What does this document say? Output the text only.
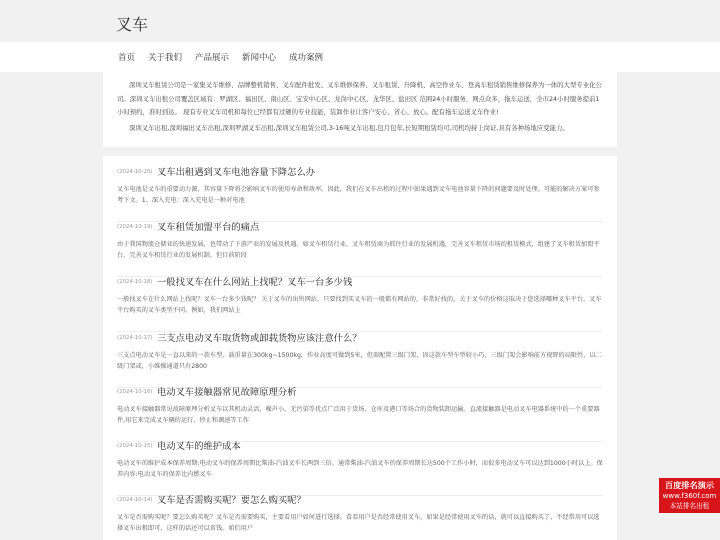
叉车
首页 关于我们 产品展示 新闻中心 成功案例

深圳叉车租赁公司是一家集叉车维修、品牌整机销售、叉车配件批发、叉车维修保养、叉车租赁、升降机、高空作业车、登高车租赁销售维修保养为一体的大型专业化公司。深圳叉车出租公司覆盖区域有：罗湖区、福田区、南山区、宝安中心区、龙岗中心区、龙华区、盐田区 范围24小时服务，网点众多，拖车运送，全市24小时服务提前1小时预约，准时到达。 现有专业叉车司机和每位已经都有过硬的专业技能，装卸作业让客户安心、省心、放心。配有拖车运送叉车作业!

深圳叉车出租,深圳福田叉车出租,深圳罗湖叉车出租,深圳叉车租赁公司,3-16吨叉车出租,包月包年,长短期租赁均可,司机均持上岗证,具有各种场地应变能力。

(2024-10-20) 叉车出租遇到叉车电池容量下降怎么办
叉车电池是叉车的重要动力源，其容量下降将会影响叉车的使用寿命和效率。因此，我们在叉车出租的过程中如果遇到叉车电池容量下降的问题要及时处理。可能的解决方案可参考下文。1、深入充电：深入充电是一种对电池
(2024-10-19) 叉车租赁加盟平台的痛点
由于我国物流仓储业的快速发展，也带动了下游产业的发展及机遇。如叉车租赁行业，叉车租赁商为抓住行业的发展机遇，完善叉车租赁市场的租赁模式，组建了叉车租赁加盟平台，完善叉车租赁行业的发展机制。但目前阶段
(2024-10-18) 一般找叉车在什么网站上找呢？叉车一台多少钱
一般找叉车在什么网站上找呢？叉车一台多少钱呢？ 关于叉车的出售网站，只要找到买叉车的一般都有网站的，非常好找的。关于叉车的价格这取决于您选择哪种叉车平台，叉车平台购买的叉车类型不同。例如，我们网站上
(2024-10-17) 三支点电动叉车取货物或卸载货物应该注意什么？
三支点电动叉车是一直以来的一款车型，载重量在300kg~1500kg，作业高度可做到5米，但需配置三级门架，因这款车型车型较小巧，三级门架会影响前方视野的局限性，以二级门架或，小维操通道只有2800
(2024-10-16) 电动叉车接触器常见故障原理分析
电动叉车接触器常见故障原理分析叉车以其机动灵活、噪声小、无污染等优点广泛用于货场、仓库及港口等场合的货物装卸运输。直流接触器是电动叉车电器系统中的一个重要器件,用它来完成叉车辆的运行、停止和调速等工作
(2024-10-15) 电动叉车的维护成本
电动叉车的维护成本保养周期:电动叉车的保养周期比柴油-汽油叉车长两到三倍。通常柴油-汽油叉车的保养周期长达500个工作小时，而很多电动叉车可以达到1000小时以上。保养内容:电动叉车的保养比内燃叉车
(2024-10-14) 叉车是否需购买呢？要怎么购买呢？
叉车是否需购买呢？要怎么购买呢？叉车是否需要购买，主要看用户如何进行选择。看看用户是否经常使用叉车，如果是经常使用叉车的话，就可以直接购买了，不经常用可以选择叉车出租即可，这样的话还可以省钱。咱们用户
百度排名演示
www.f360f.com
本站排名出租
